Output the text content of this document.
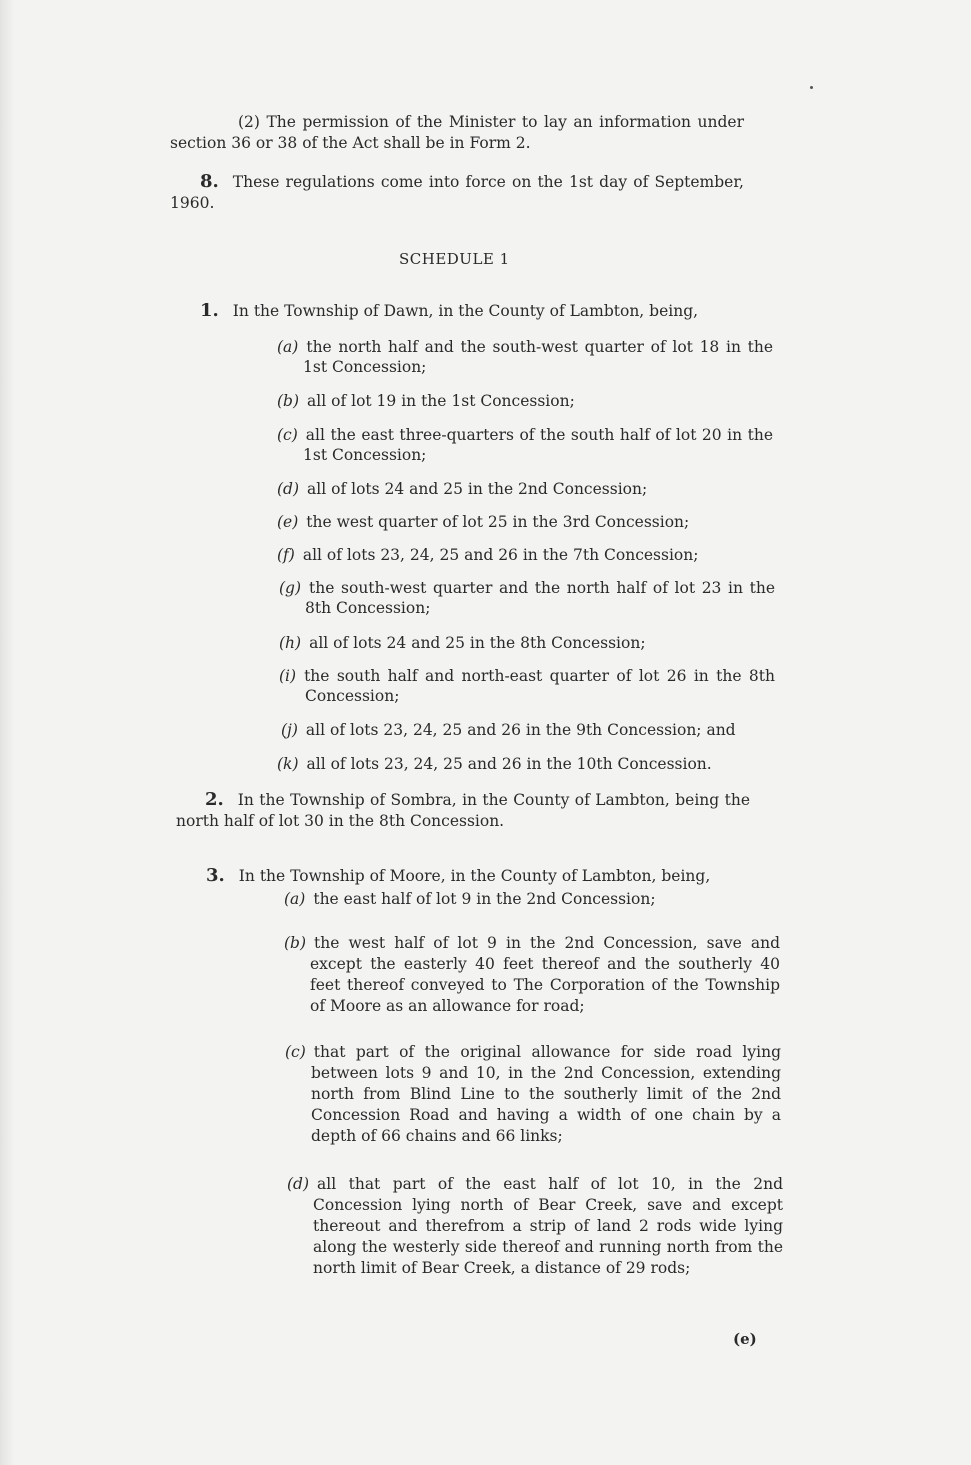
(2) The permission of the Minister to lay an information under section 36 or 38 of the Act shall be in Form 2.
8. These regulations come into force on the 1st day of September, 1960.
SCHEDULE 1
1. In the Township of Dawn, in the County of Lambton, being,
(a) the north half and the south-west quarter of lot 18 in the 1st Concession;
(b) all of lot 19 in the 1st Concession;
(c) all the east three-quarters of the south half of lot 20 in the 1st Concession;
(d) all of lots 24 and 25 in the 2nd Concession;
(e) the west quarter of lot 25 in the 3rd Concession;
(f) all of lots 23, 24, 25 and 26 in the 7th Concession;
(g) the south-west quarter and the north half of lot 23 in the 8th Concession;
(h) all of lots 24 and 25 in the 8th Concession;
(i) the south half and north-east quarter of lot 26 in the 8th Concession;
(j) all of lots 23, 24, 25 and 26 in the 9th Concession; and
(k) all of lots 23, 24, 25 and 26 in the 10th Concession.
2. In the Township of Sombra, in the County of Lambton, being the north half of lot 30 in the 8th Concession.
3. In the Township of Moore, in the County of Lambton, being,
(a) the east half of lot 9 in the 2nd Concession;
(b) the west half of lot 9 in the 2nd Concession, save and except the easterly 40 feet thereof and the southerly 40 feet thereof conveyed to The Corporation of the Township of Moore as an allowance for road;
(c) that part of the original allowance for side road lying between lots 9 and 10, in the 2nd Concession, extending north from Blind Line to the southerly limit of the 2nd Concession Road and having a width of one chain by a depth of 66 chains and 66 links;
(d) all that part of the east half of lot 10, in the 2nd Concession lying north of Bear Creek, save and except thereout and therefrom a strip of land 2 rods wide lying along the westerly side thereof and running north from the north limit of Bear Creek, a distance of 29 rods;
(e)
